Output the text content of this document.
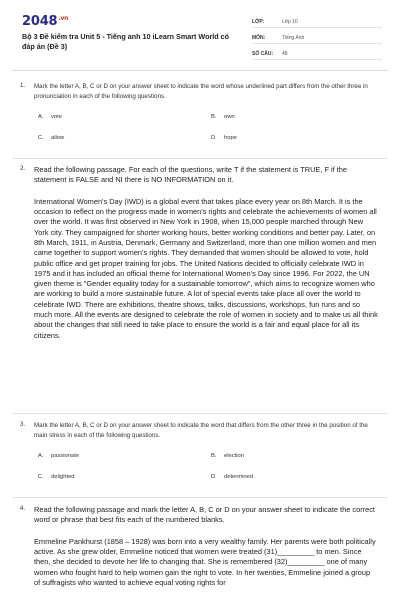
$2048^{.vn}$
Bộ 3 Đề kiểm tra Unit 5 - Tiếng anh 10 iLearn Smart World có đáp án (Đề 3)
LỚP:	Lớp 10
MÔN:	Tiếng Anh
SỐ CÂU:	48
1. Mark the letter A, B, C or D on your answer sheet to indicate the word whose underlined part differs from the other three in pronunciation in each of the following questions.
A. vote	B. own
C. allow	D. hope
2. Read the following passage. For each of the questions, write T if the statement is TRUE, F if the statement is FALSE and NI there is NO INFORMATION on it.
International Women's Day (IWD) is a global event that takes place every year on 8th March. It is the occasion to reflect on the progress made in women's rights and celebrate the achievements of women all over the world. It was first observed in New York in 1908, when 15,000 people marched through New York city. They campaigned for shorter working hours, better working conditions and better pay. Later, on 8th March, 1911, in Austria, Denmark, Germany and Switzerland, more than one million women and men came together to support women's rights. They demanded that women should be allowed to vote, hold public office and get proper training for jobs. The United Nations decided to officially celebrate IWD in 1975 and it has included an official theme for International Women's Day since 1996. For 2022, the UN given theme is "Gender equality today for a sustainable tomorrow", which aims to recognize women who are working to build a more sustainable future. A lot of special events take place all over the world to celebrate IWD. There are exhibitions, theatre shows, talks, discussions, workshops, fun runs and so much more. All the events are designed to celebrate the role of women in society and to make us all think about the changes that still need to take place to ensure the world is a fair and equal place for all its citizens.
3. Mark the letter A, B, C or D on your answer sheet to indicate the word that differs from the other three in the position of the main stress in each of the following questions.
A. passionate	B. election
C. delighted	D. determined
4. Read the following passage and mark the letter A, B, C or D on your answer sheet to indicate the correct word or phrase that best fits each of the numbered blanks.
Emmeline Pankhurst (1858 – 1928) was born into a very wealthy family. Her parents were both politically active. As she grew older, Emmeline noticed that women were treated (31)_________ to men. Since then, she decided to devote her life to changing that. She is remembered (32)_________ one of many women who fought hard to help women gain the right to vote. In her twenties, Emmeline joined a group of suffragists who wanted to achieve equal voting rights for
